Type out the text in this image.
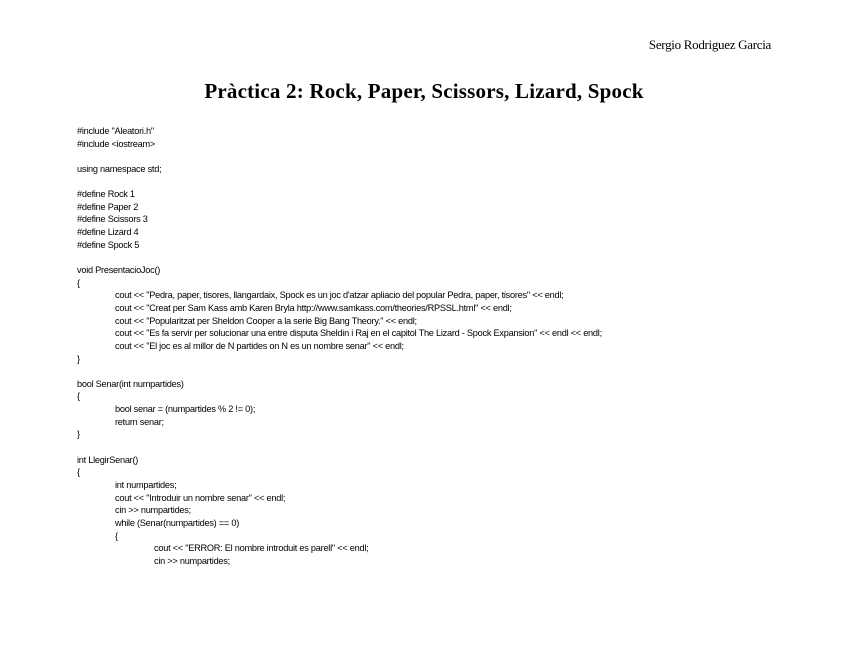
Sergio Rodriguez Garcia
Pràctica 2: Rock, Paper, Scissors, Lizard, Spock
#include "Aleatori.h"
#include <iostream>
using namespace std;
#define Rock 1
#define Paper 2
#define Scissors 3
#define Lizard 4
#define Spock 5
void PresentacioJoc()
{
cout << "Pedra, paper, tisores, llangardaix, Spock es un joc d'atzar apliacio del popular Pedra, paper, tisores" << endl;
cout << "Creat per Sam Kass amb Karen Bryla http://www.samkass.com/theories/RPSSL.html" << endl;
cout << "Popularitzat per Sheldon Cooper a la serie Big Bang Theory." << endl;
cout << "Es fa servir per solucionar una entre disputa Sheldin i Raj en el capitol The Lizard - Spock Expansion" << endl << endl;
cout << "El joc es al millor de N partides on N es un nombre senar" << endl;
}
bool Senar(int numpartides)
{
bool senar = (numpartides % 2 != 0);
return senar;
}
int LlegirSenar()
{
int numpartides;
cout << "Introduir un nombre senar" << endl;
cin >> numpartides;
while (Senar(numpartides) == 0)
{
cout << "ERROR: El nombre introduit es parell" << endl;
cin >> numpartides;
